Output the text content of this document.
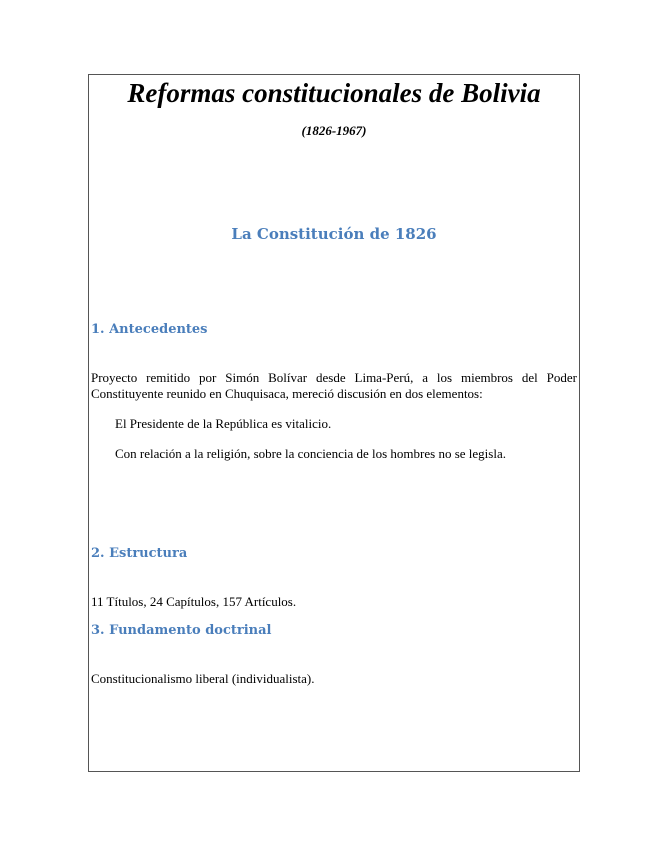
Reformas constitucionales de Bolivia
(1826-1967)
La Constitución de 1826
1. Antecedentes

Proyecto remitido por Simón Bolívar desde Lima-Perú, a los miembros del Poder Constituyente reunido en Chuquisaca, mereció discusión en dos elementos:

El Presidente de la República es vitalicio.

Con relación a la religión, sobre la conciencia de los hombres no se legisla.

2. Estructura

11 Títulos, 24 Capítulos, 157 Artículos.

3. Fundamento doctrinal

Constitucionalismo liberal (individualista).
